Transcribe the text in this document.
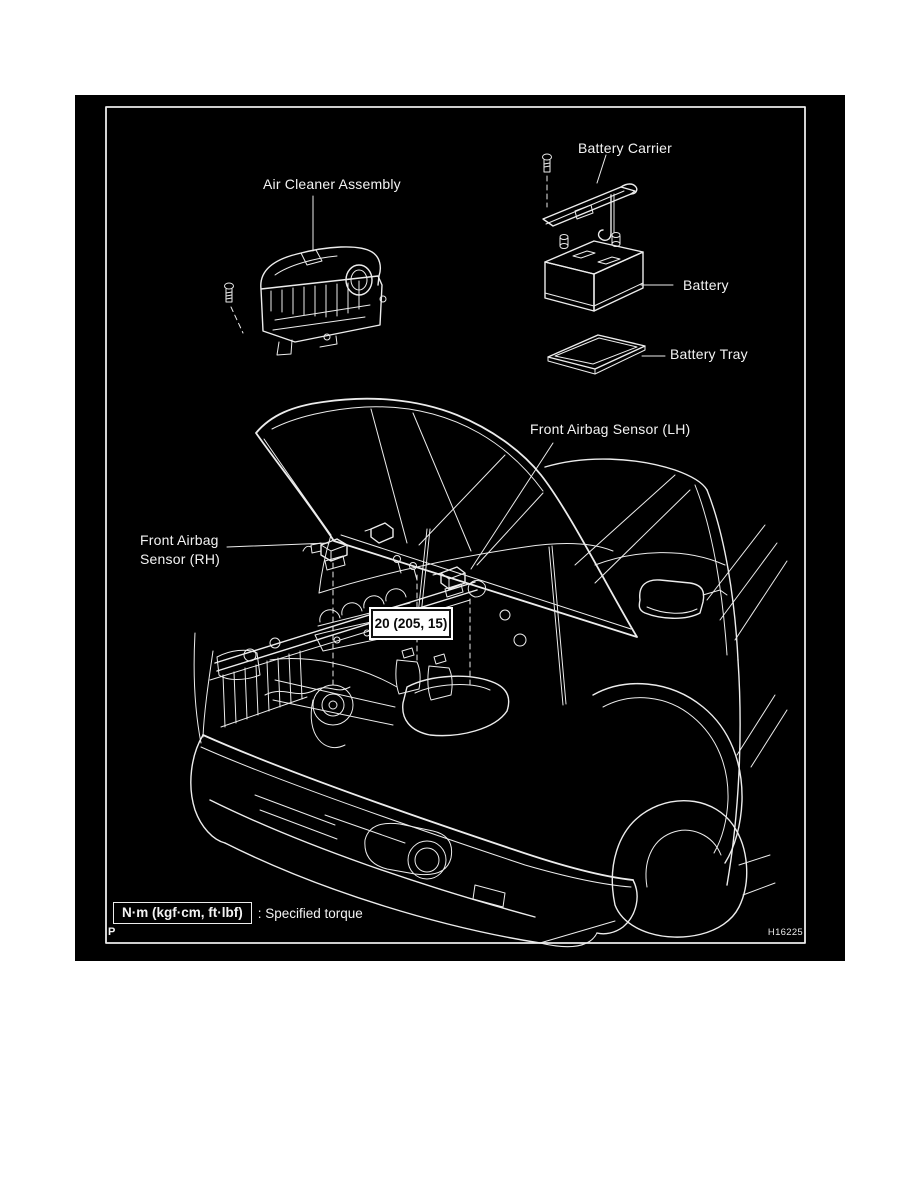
Air Cleaner Assembly
Battery Carrier
Battery
Battery Tray
Front Airbag Sensor (LH)
Front Airbag
Sensor (RH)
20 (205, 15)
N·m (kgf·cm, ft·lbf)	: Specified torque
P	H16225
